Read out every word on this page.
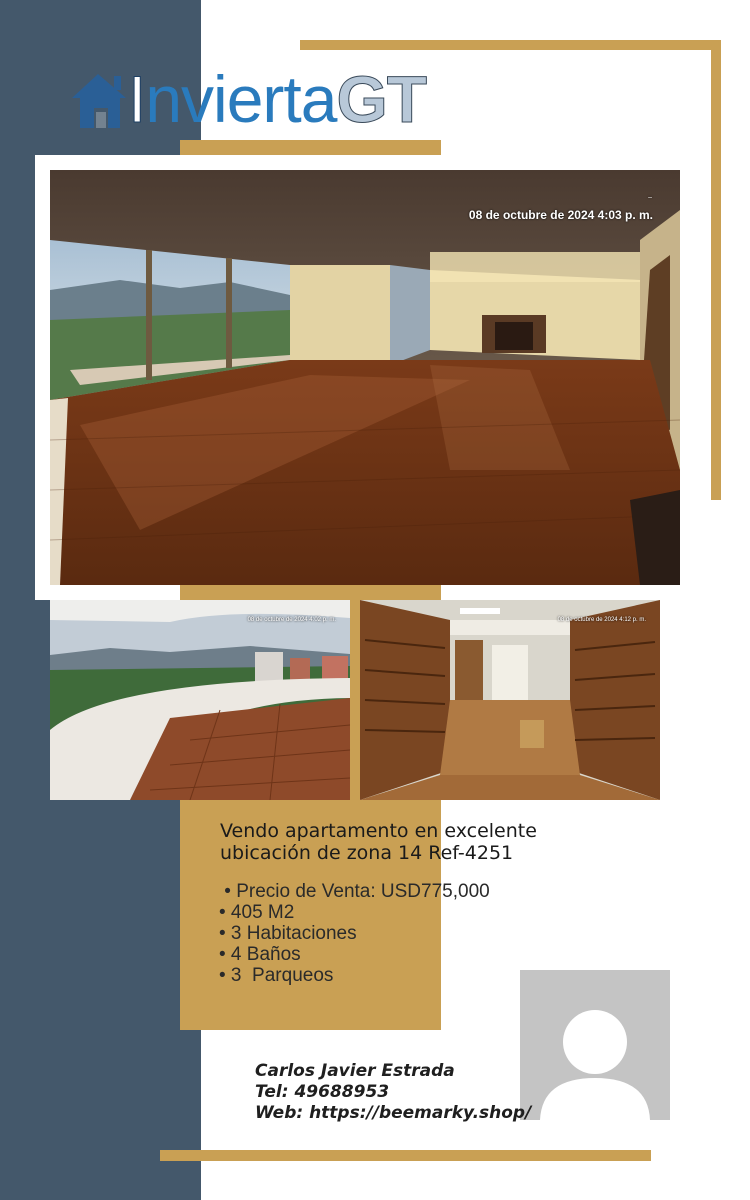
I nvierta GT
–
08 de octubre de 2024 4:03 p. m.
08 de octubre de 2024 4:02 p. m.	08 de octubre de 2024 4:12 p. m.
Vendo apartamento en excelente
ubicación de zona 14 Ref-4251
• Precio de Venta: USD775,000
• 405 M2
• 3 Habitaciones
• 4 Baños
• 3  Parqueos
Carlos Javier Estrada
Tel: 49688953
Web: https://beemarky.shop/
